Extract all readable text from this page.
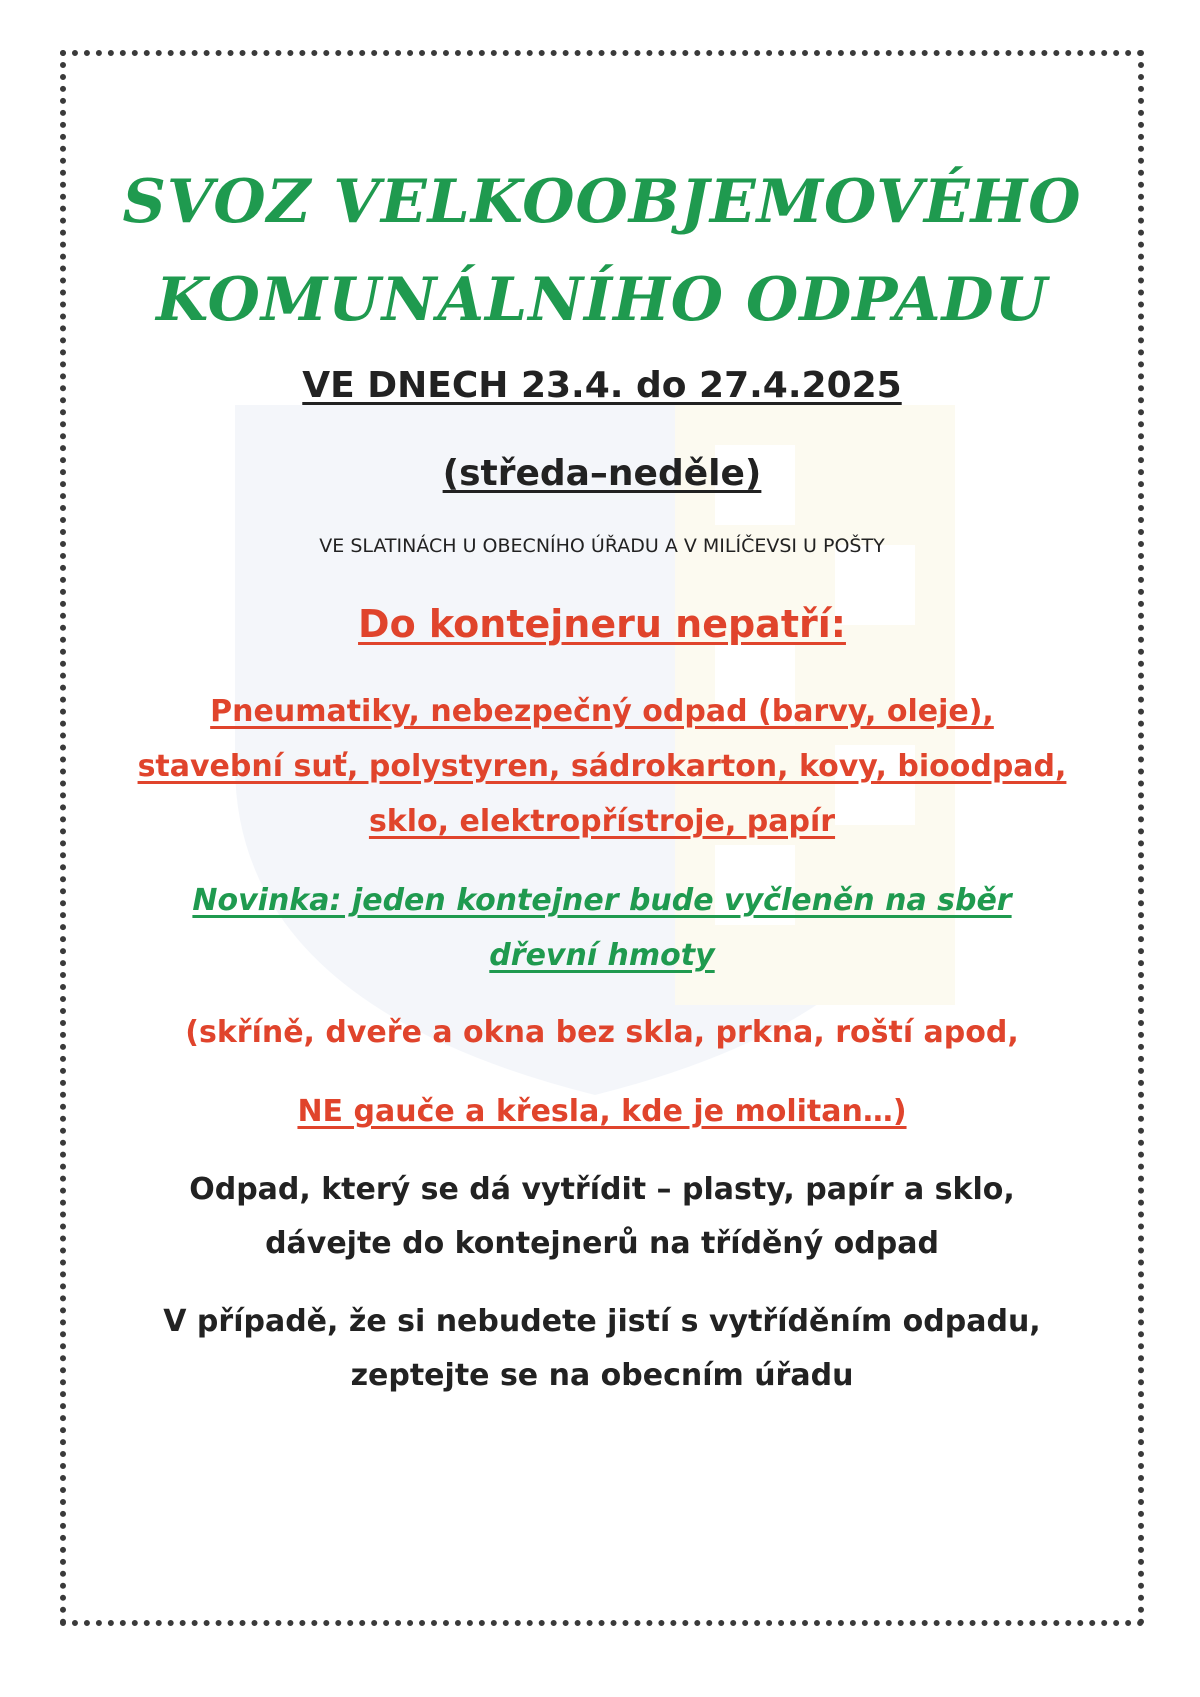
SVOZ VELKOOBJEMOVÉHO
KOMUNÁLNÍHO ODPADU
VE DNECH 23.4. do 27.4.2025
(středa–neděle)
VE SLATINÁCH U OBECNÍHO ÚŘADU A V MILÍČEVSI U POŠTY
Do kontejneru nepatří:
Pneumatiky, nebezpečný odpad (barvy, oleje),
stavební suť, polystyren, sádrokarton, kovy, bioodpad,
sklo, elektropřístroje, papír
Novinka: jeden kontejner bude vyčleněn na sběr
dřevní hmoty
(skříně, dveře a okna bez skla, prkna, roští apod,
NE gauče a křesla, kde je molitan…)
Odpad, který se dá vytřídit – plasty, papír a sklo,
dávejte do kontejnerů na tříděný odpad
V případě, že si nebudete jistí s vytříděním odpadu,
zeptejte se na obecním úřadu
